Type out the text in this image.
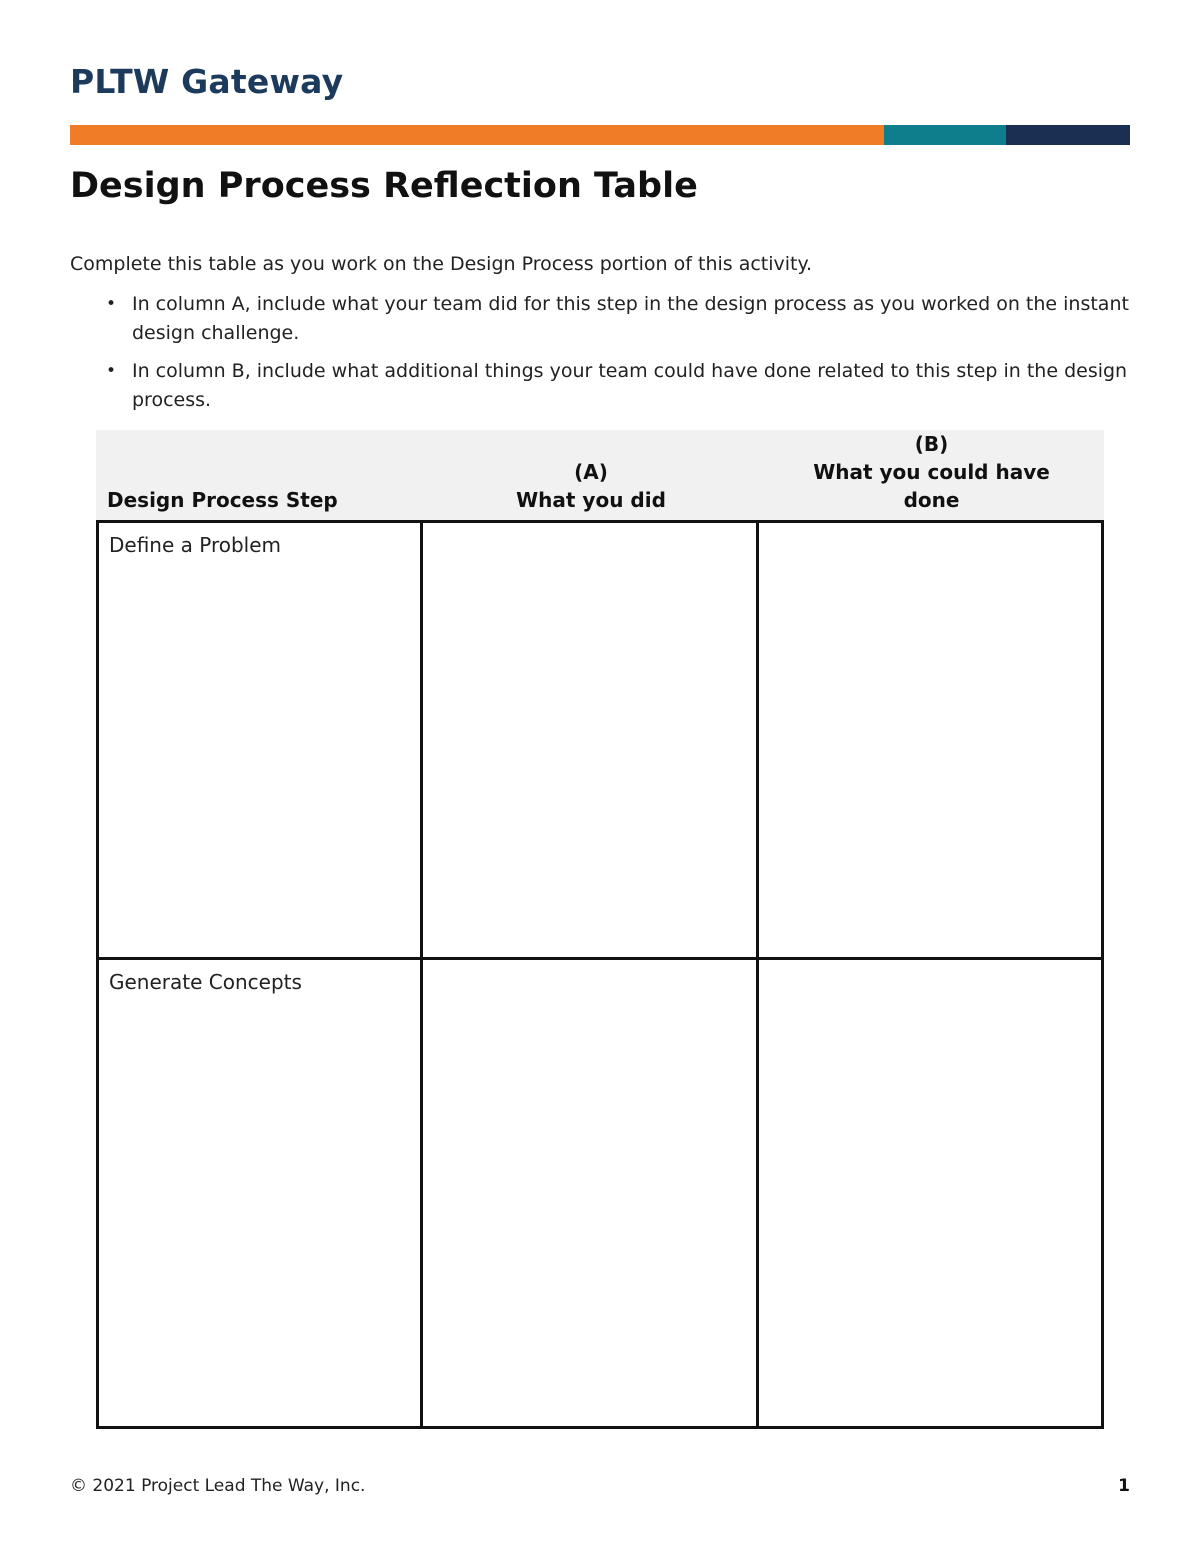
PLTW Gateway
Design Process Reflection Table
Complete this table as you work on the Design Process portion of this activity.
• In column A, include what your team did for this step in the design process as you worked on the instant design challenge.
• In column B, include what additional things your team could have done related to this step in the design process.
Design Process Step
(A)
What you did
(B)
What you could have done
Define a Problem
Generate Concepts
© 2021 Project Lead The Way, Inc.	1
